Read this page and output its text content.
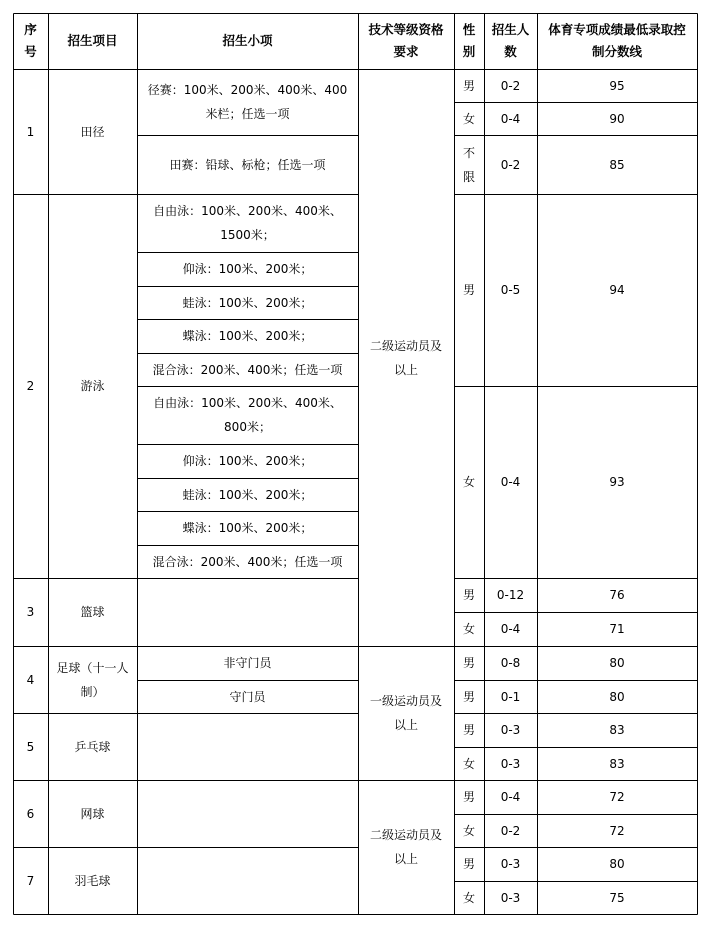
序号
招生项目	招生小项
技术等级资格要求
性别
招生人数
体育专项成绩最低录取控制分数线
1
2
3
4
5
6
7
田径
游泳
篮球
足球（十一人制）
乒乓球
网球
羽毛球
径赛：100米、200米、400米、400米栏；任选一项
田赛：铅球、标枪；任选一项
自由泳：100米、200米、400米、1500米；
仰泳：100米、200米；
蛙泳：100米、200米；
蝶泳：100米、200米；
混合泳：200米、400米；任选一项
自由泳：100米、200米、400米、800米；
仰泳：100米、200米；
蛙泳：100米、200米；
蝶泳：100米、200米；
混合泳：200米、400米；任选一项
非守门员
守门员
二级运动员及以上
一级运动员及以上
二级运动员及以上
男
女
不限
男
女
男
女
男
男
男
女
男
女
男
女
0-2
0-4
0-2
0-5
0-4
0-12
0-4
0-8
0-1
0-3
0-3
0-4
0-2
0-3
0-3
95
90
85
94
93
76
71
80
80
83
83
72
72
80
75
